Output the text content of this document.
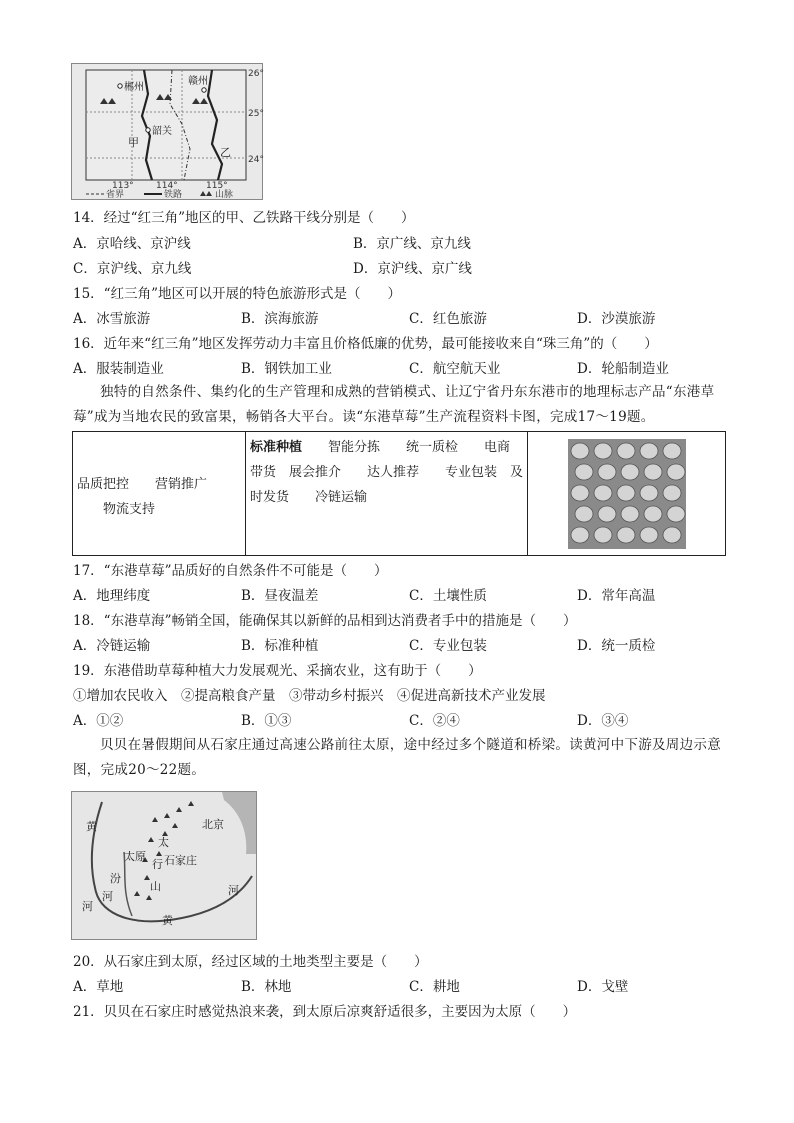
郴州
赣州
韶关
甲
乙
26°
25°
24°
113° 114°	115°
省界	铁路	山脉
14．经过“红三角”地区的甲、乙铁路干线分别是（　　）
A．京哈线、京沪线	B．京广线、京九线
C．京沪线、京九线	D．京沪线、京广线
15．“红三角”地区可以开展的特色旅游形式是（　　）
A．冰雪旅游	B．滨海旅游	C．红色旅游	D．沙漠旅游
16．近年来“红三角”地区发挥劳动力丰富且价格低廉的优势，最可能接收来自“珠三角”的（　　）
A．服装制造业	B．钢铁加工业	C．航空航天业	D．轮船制造业
独特的自然条件、集约化的生产管理和成熟的营销模式、让辽宁省丹东东港市的地理标志产品“东港草莓”成为当地农民的致富果，畅销各大平台。读“东港草莓”生产流程资料卡图，完成17～19题。
品质把控　　营销推广
物流支持
标准种植　　智能分拣　　统一质检　　电商带货　展会推介　　达人推荐　　专业包装　及时发货　　冷链运输
17．“东港草莓”品质好的自然条件不可能是（　　）
A．地理纬度	B．昼夜温差	C．土壤性质	D．常年高温
18．“东港草海”畅销全国，能确保其以新鲜的品相到达消费者手中的措施是（　　）
A．冷链运输	B．标准种植	C．专业包装	D．统一质检
19．东港借助草莓种植大力发展观光、采摘农业，这有助于（　　）
①增加农民收入　②提高粮食产量　③带动乡村振兴　④促进高新技术产业发展
A．①②	B．①③	C．②④	D．③④
贝贝在暑假期间从石家庄通过高速公路前往太原，途中经过多个隧道和桥梁。读黄河中下游及周边示意图，完成20～22题。
北京
太原 石家庄
太
行
山
黄
河
黄
河
汾
河
20．从石家庄到太原，经过区域的土地类型主要是（　　）
A．草地	B．林地	C．耕地	D．戈壁
21．贝贝在石家庄时感觉热浪来袭，到太原后凉爽舒适很多，主要因为太原（　　）
